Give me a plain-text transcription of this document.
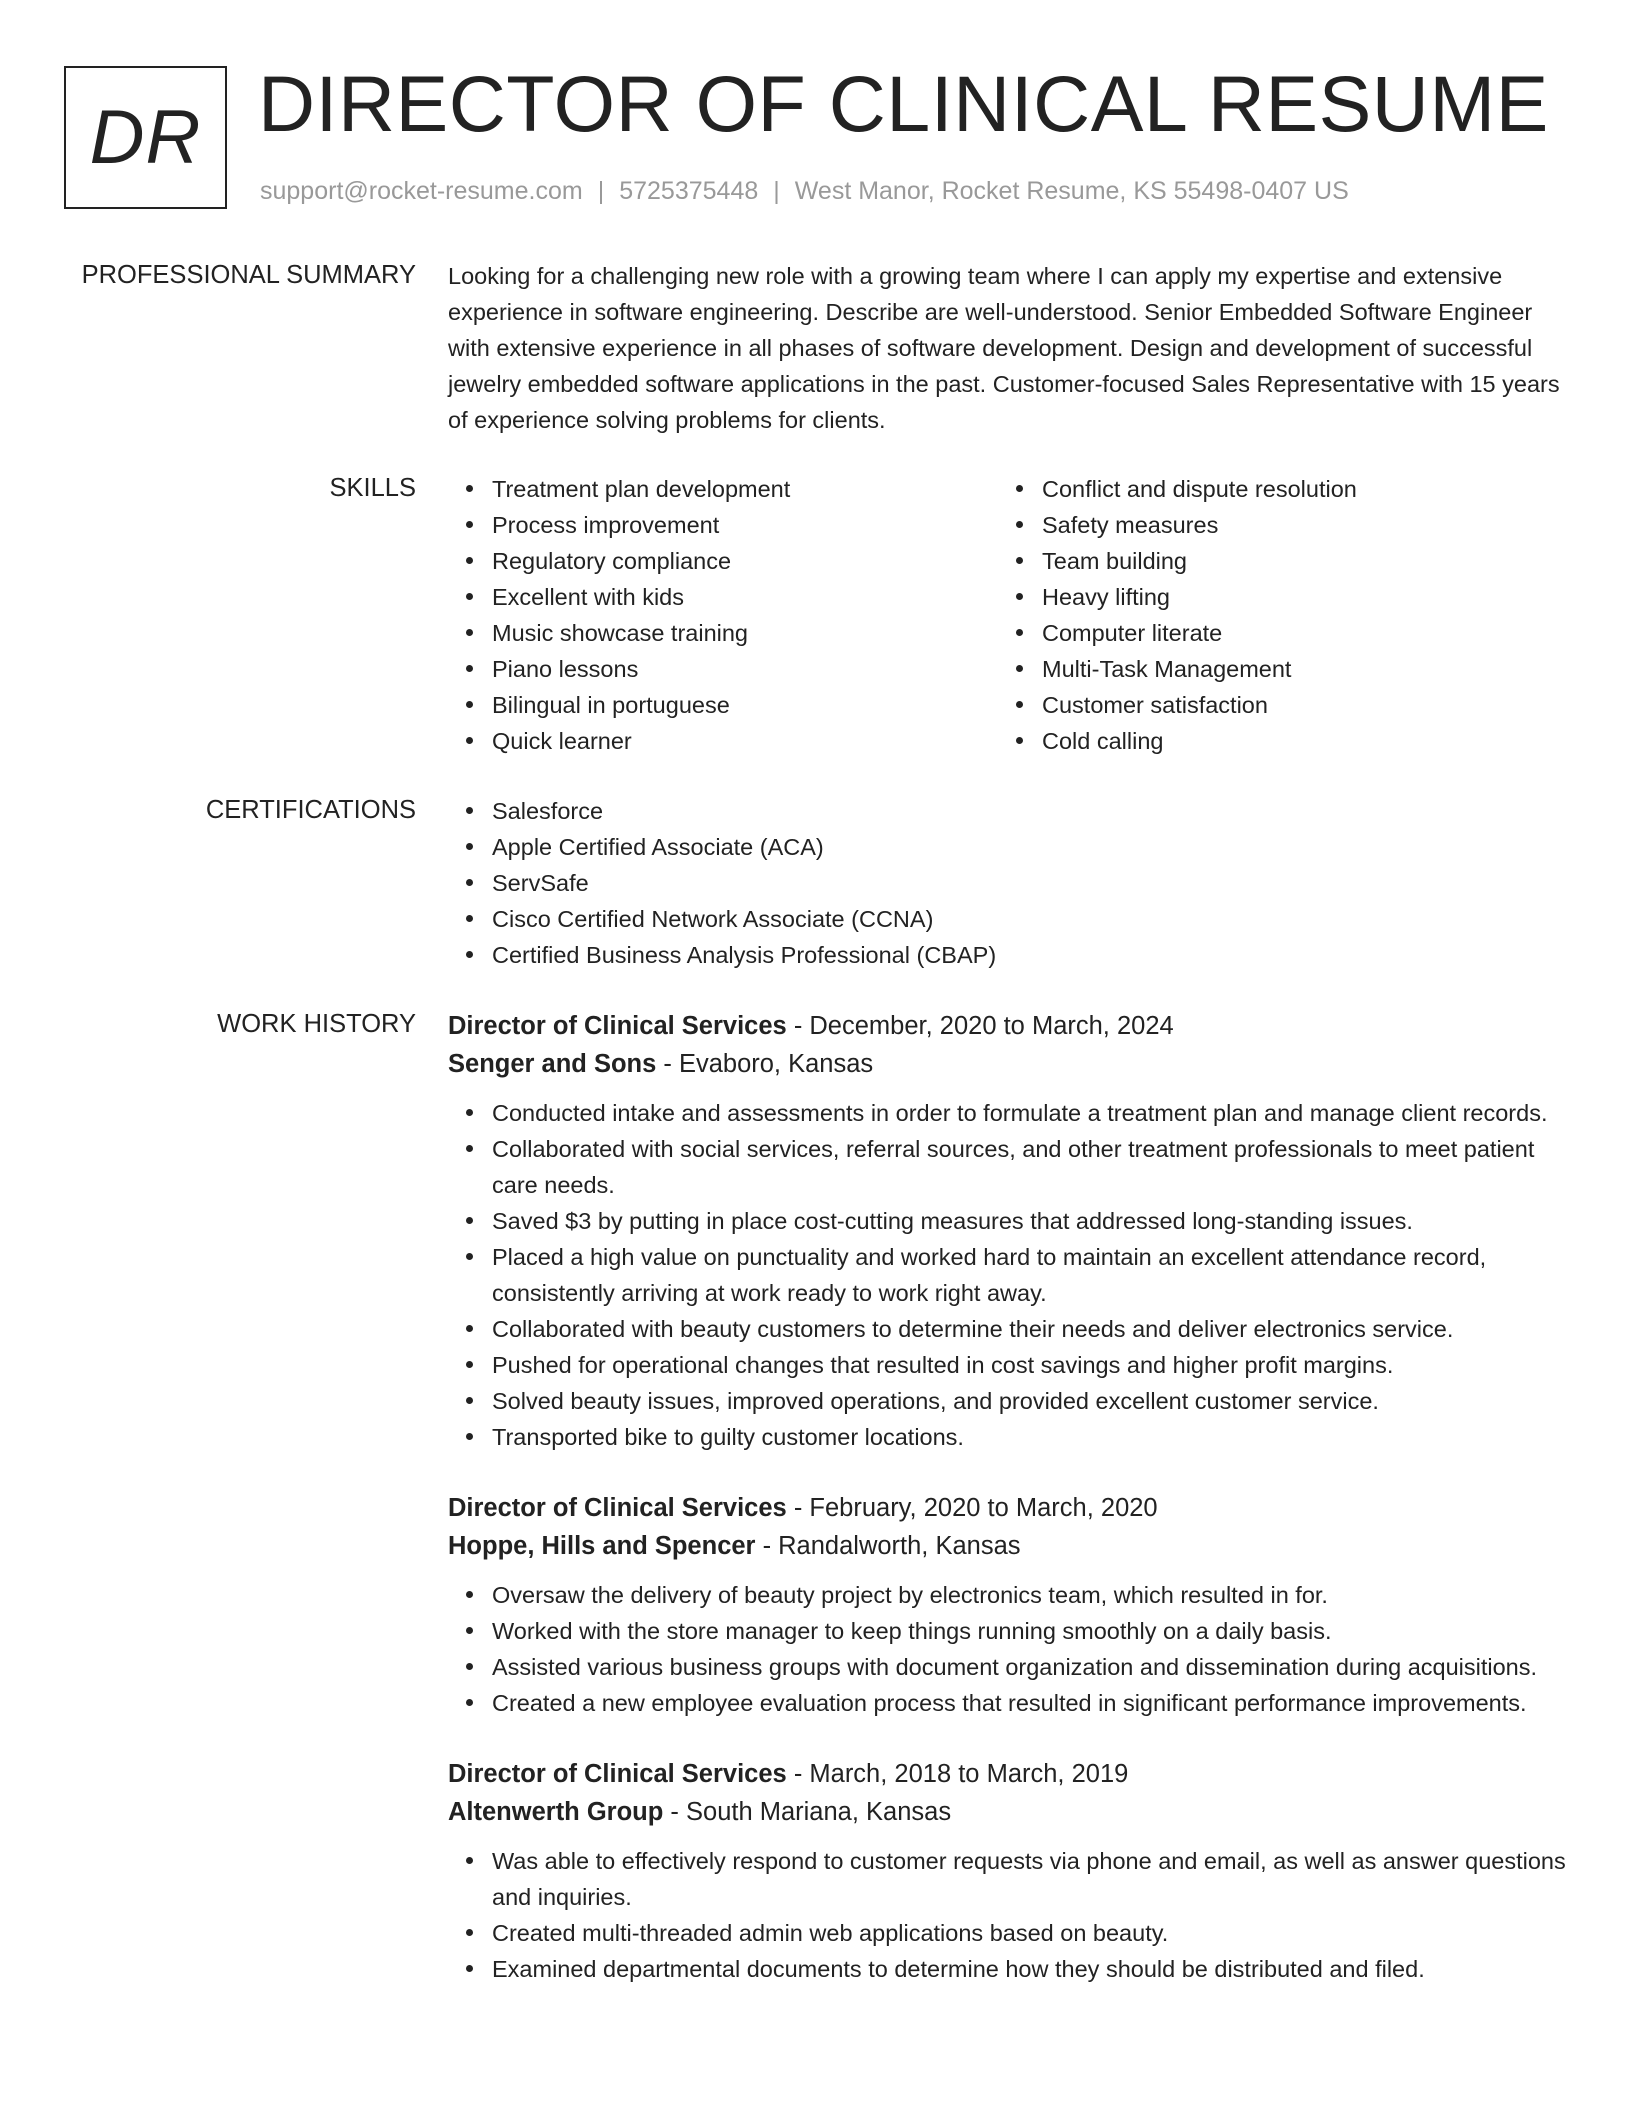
DR DIRECTOR OF CLINICAL RESUME
support@rocket-resume.com | 5725375448 | West Manor, Rocket Resume, KS 55498-0407 US
PROFESSIONAL SUMMARY Looking for a challenging new role with a growing team where I can apply my expertise and extensive experience in software engineering. Describe are well-understood. Senior Embedded Software Engineer with extensive experience in all phases of software development. Design and development of successful jewelry embedded software applications in the past. Customer-focused Sales Representative with 15 years of experience solving problems for clients.

SKILLS	Treatment plan development
Process improvement
Regulatory compliance
Excellent with kids
Music showcase training
Piano lessons
Bilingual in portuguese
Quick learner
Conflict and dispute resolution
Safety measures
Team building
Heavy lifting
Computer literate
Multi-Task Management
Customer satisfaction
Cold calling
CERTIFICATIONS	Salesforce
Apple Certified Associate (ACA)
ServSafe
Cisco Certified Network Associate (CCNA)
Certified Business Analysis Professional (CBAP)
WORK HISTORY Director of Clinical Services - December, 2020 to March, 2024
Senger and Sons - Evaboro, Kansas
Conducted intake and assessments in order to formulate a treatment plan and manage client records.
Collaborated with social services, referral sources, and other treatment professionals to meet patient care needs.
Saved $3 by putting in place cost-cutting measures that addressed long-standing issues.
Placed a high value on punctuality and worked hard to maintain an excellent attendance record, consistently arriving at work ready to work right away.
Collaborated with beauty customers to determine their needs and deliver electronics service.
Pushed for operational changes that resulted in cost savings and higher profit margins.
Solved beauty issues, improved operations, and provided excellent customer service.
Transported bike to guilty customer locations.
Director of Clinical Services - February, 2020 to March, 2020
Hoppe, Hills and Spencer - Randalworth, Kansas
Oversaw the delivery of beauty project by electronics team, which resulted in for.
Worked with the store manager to keep things running smoothly on a daily basis.
Assisted various business groups with document organization and dissemination during acquisitions.
Created a new employee evaluation process that resulted in significant performance improvements.
Director of Clinical Services - March, 2018 to March, 2019
Altenwerth Group - South Mariana, Kansas
Was able to effectively respond to customer requests via phone and email, as well as answer questions and inquiries.
Created multi-threaded admin web applications based on beauty.
Examined departmental documents to determine how they should be distributed and filed.
